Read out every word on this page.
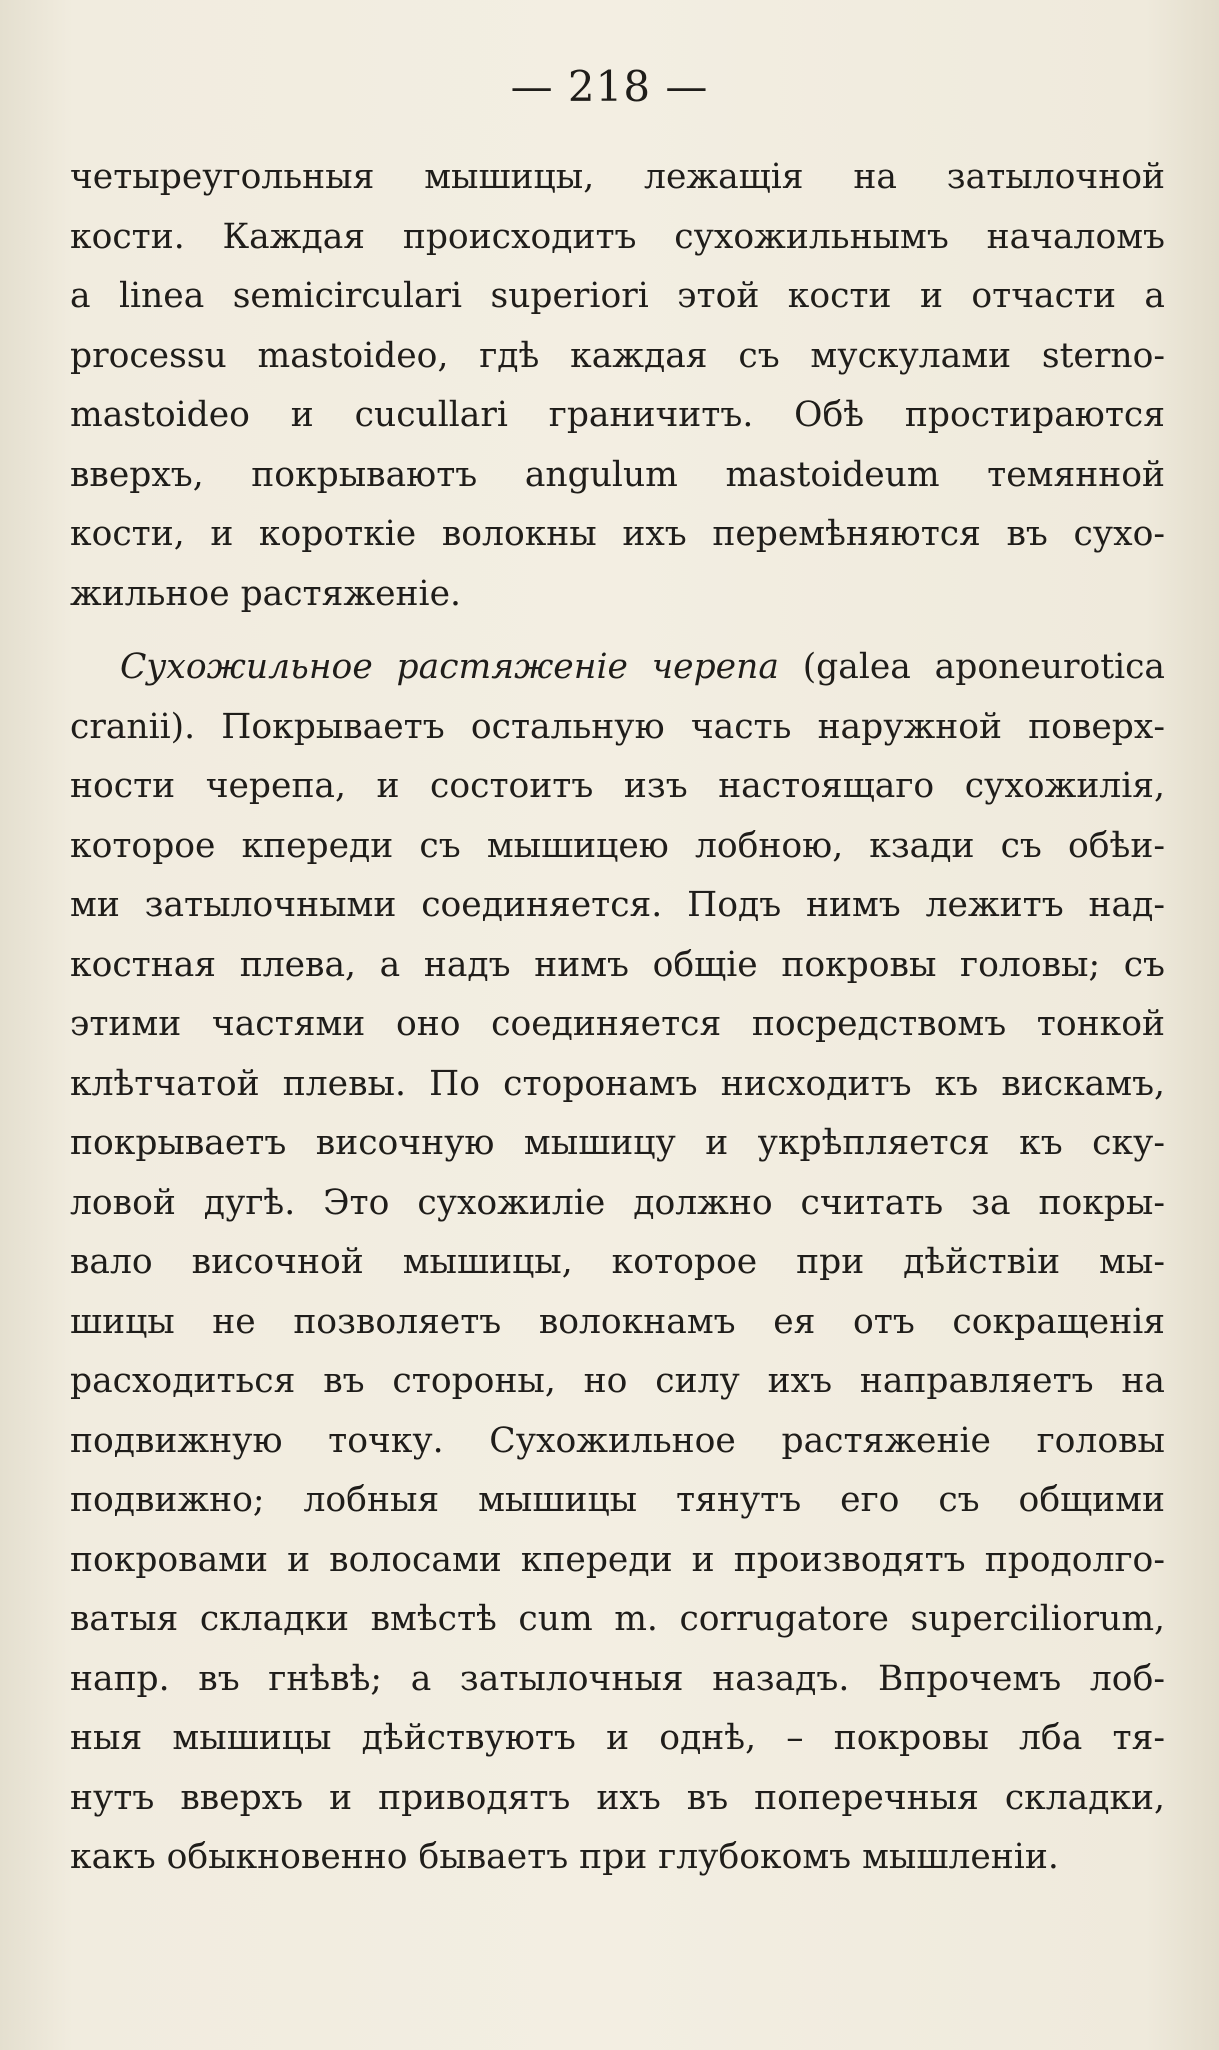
— 218 —
четыреугольныя мышицы, лежащія на затылочной
кости. Каждая происходитъ сухожильнымъ началомъ
a linea semicirculari superiori этой кости и отчасти a
processu mastoideo, гдѣ каждая съ мускулами sterno-
mastoideo и cucullari граничитъ. Обѣ простираются
вверхъ, покрываютъ angulum mastoideum темянной
кости, и короткіе волокны ихъ перемѣняются въ сухо-
жильное растяженіе.
Сухожильное растяженіе черепа (galea aponeurotica
cranii). Покрываетъ остальную часть наружной поверх-
ности черепа, и состоитъ изъ настоящаго сухожилія,
которое кпереди съ мышицею лобною, кзади съ обѣи-
ми затылочными соединяется. Подъ нимъ лежитъ над-
костная плева, а надъ нимъ общіе покровы головы; съ
этими частями оно соединяется посредствомъ тонкой
клѣтчатой плевы. По сторонамъ нисходитъ къ вискамъ,
покрываетъ височную мышицу и укрѣпляется къ ску-
ловой дугѣ. Это сухожиліе должно считать за покры-
вало височной мышицы, которое при дѣйствіи мы-
шицы не позволяетъ волокнамъ ея отъ сокращенія
расходиться въ стороны, но силу ихъ направляетъ на
подвижную точку. Сухожильное растяженіе головы
подвижно; лобныя мышицы тянутъ его съ общими
покровами и волосами кпереди и производятъ продолго-
ватыя складки вмѣстѣ cum m. corrugatore superciliorum,
напр. въ гнѣвѣ; а затылочныя назадъ. Впрочемъ лоб-
ныя мышицы дѣйствуютъ и однѣ, – покровы лба тя-
нутъ вверхъ и приводятъ ихъ въ поперечныя складки,
какъ обыкновенно бываетъ при глубокомъ мышленіи.
